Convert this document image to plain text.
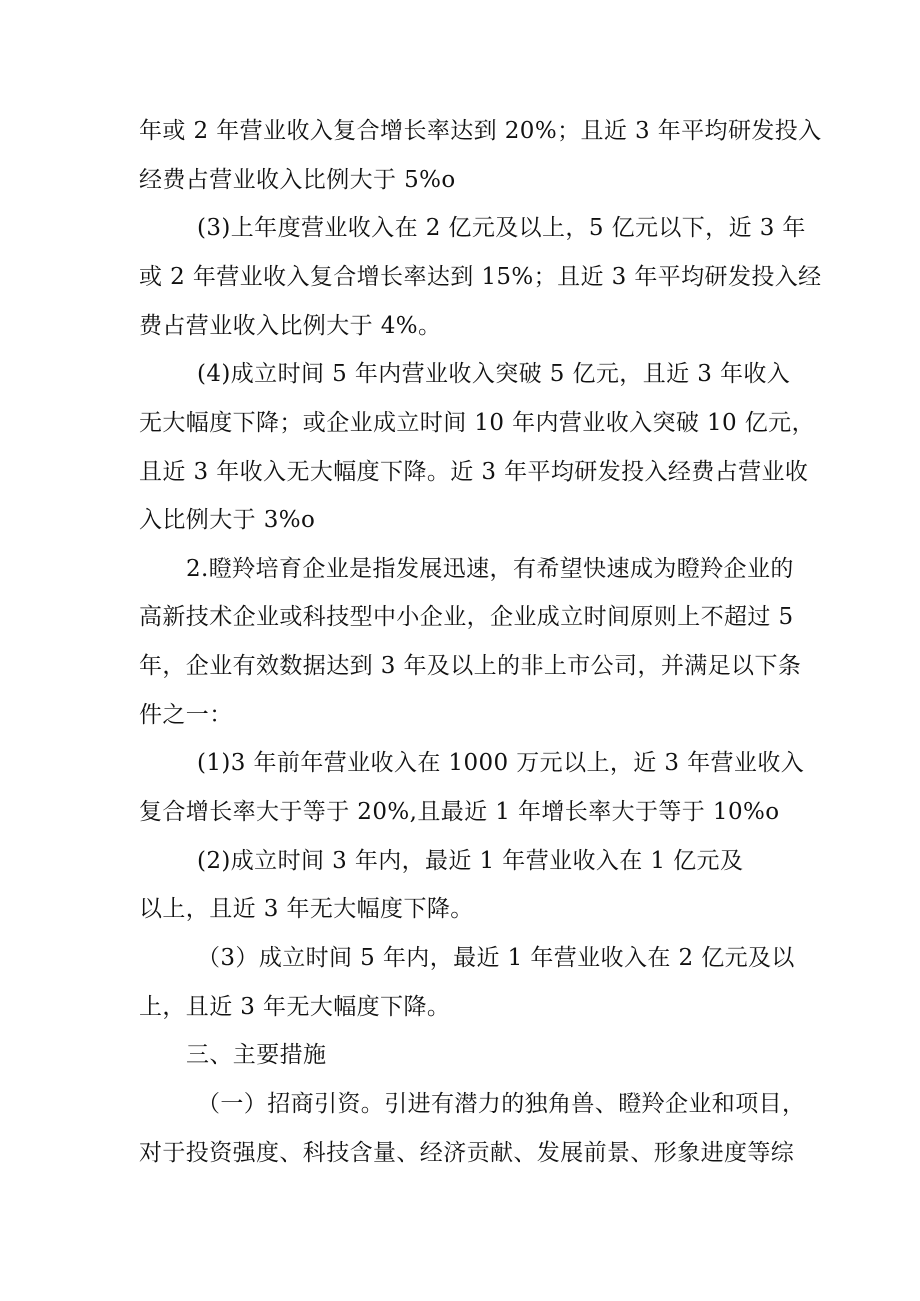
年或 2 年营业收入复合增长率达到 20%；且近 3 年平均研发投入
经费占营业收入比例大于 5%o
(3)上年度营业收入在 2 亿元及以上，5 亿元以下，近 3 年
或 2 年营业收入复合增长率达到 15%；且近 3 年平均研发投入经
费占营业收入比例大于 4%。
(4)成立时间 5 年内营业收入突破 5 亿元，且近 3 年收入
无大幅度下降；或企业成立时间 10 年内营业收入突破 10 亿元，
且近 3 年收入无大幅度下降。近 3 年平均研发投入经费占营业收
入比例大于 3%o
2.瞪羚培育企业是指发展迅速，有希望快速成为瞪羚企业的
高新技术企业或科技型中小企业，企业成立时间原则上不超过 5
年，企业有效数据达到 3 年及以上的非上市公司，并满足以下条
件之一：
(1)3 年前年营业收入在 1000 万元以上，近 3 年营业收入
复合增长率大于等于 20%,且最近 1 年增长率大于等于 10%o
(2)成立时间 3 年内，最近 1 年营业收入在 1 亿元及
以上，且近 3 年无大幅度下降。
（3）成立时间 5 年内，最近 1 年营业收入在 2 亿元及以
上，且近 3 年无大幅度下降。
三、主要措施
（一）招商引资。引进有潜力的独角兽、瞪羚企业和项目，
对于投资强度、科技含量、经济贡献、发展前景、形象进度等综
